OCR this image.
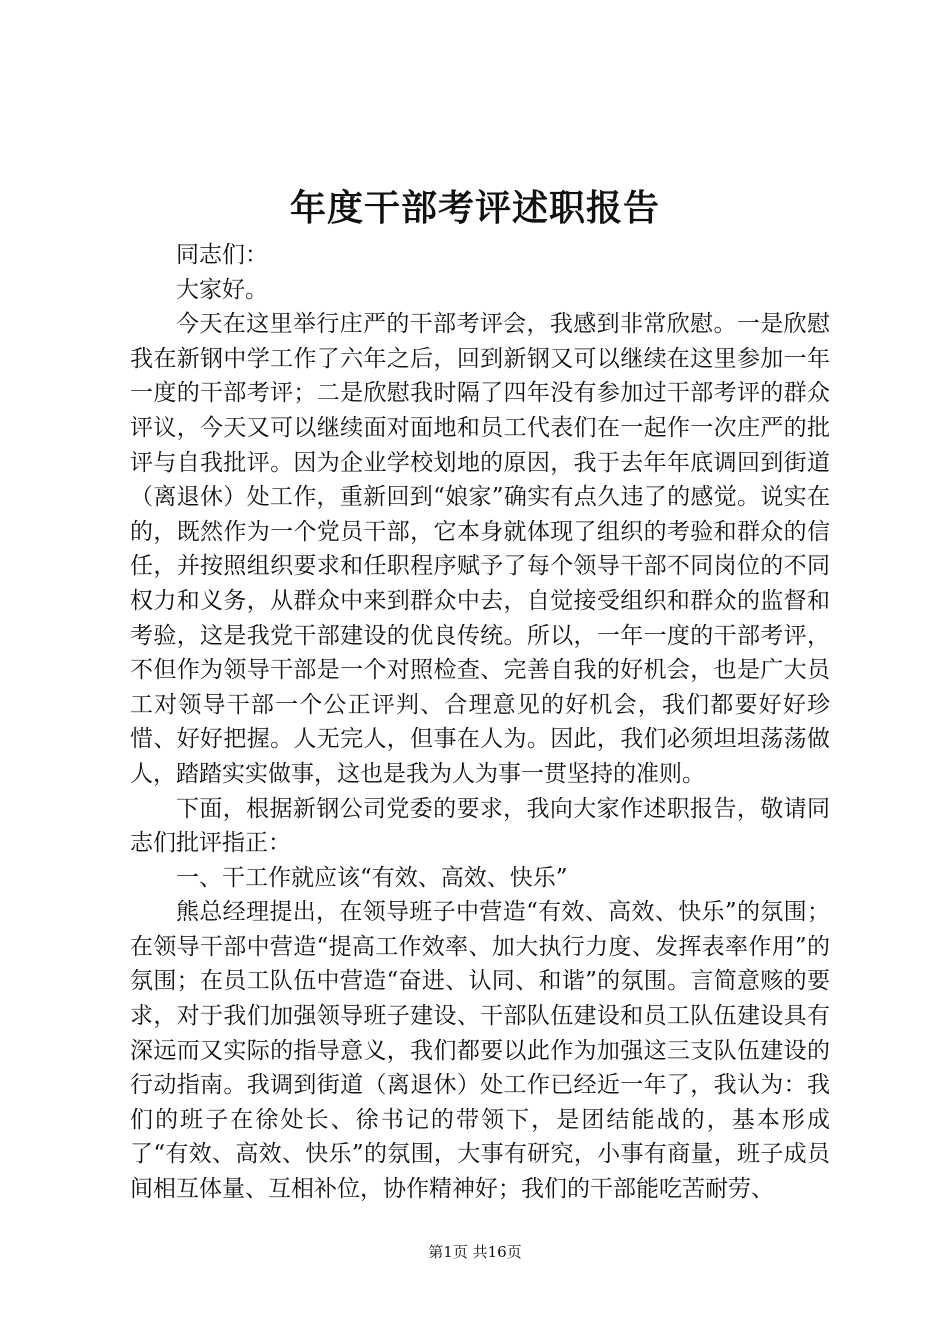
年度干部考评述职报告

同志们：

大家好。

今天在这里举行庄严的干部考评会，我感到非常欣慰。一是欣慰我在新钢中学工作了六年之后，回到新钢又可以继续在这里参加一年一度的干部考评；二是欣慰我时隔了四年没有参加过干部考评的群众评议，今天又可以继续面对面地和员工代表们在一起作一次庄严的批评与自我批评。因为企业学校划地的原因，我于去年年底调回到街道（离退休）处工作，重新回到“娘家”确实有点久违了的感觉。说实在的，既然作为一个党员干部，它本身就体现了组织的考验和群众的信任，并按照组织要求和任职程序赋予了每个领导干部不同岗位的不同权力和义务，从群众中来到群众中去，自觉接受组织和群众的监督和考验，这是我党干部建设的优良传统。所以，一年一度的干部考评，不但作为领导干部是一个对照检查、完善自我的好机会，也是广大员工对领导干部一个公正评判、合理意见的好机会，我们都要好好珍惜、好好把握。人无完人，但事在人为。因此，我们必须坦坦荡荡做人，踏踏实实做事，这也是我为人为事一贯坚持的准则。

下面，根据新钢公司党委的要求，我向大家作述职报告，敬请同志们批评指正：

一、干工作就应该“有效、高效、快乐”

熊总经理提出，在领导班子中营造“有效、高效、快乐”的氛围；在领导干部中营造“提高工作效率、加大执行力度、发挥表率作用”的氛围；在员工队伍中营造“奋进、认同、和谐”的氛围。言简意赅的要求，对于我们加强领导班子建设、干部队伍建设和员工队伍建设具有深远而又实际的指导意义，我们都要以此作为加强这三支队伍建设的行动指南。我调到街道（离退休）处工作已经近一年了，我认为：我们的班子在徐处长、徐书记的带领下，是团结能战的，基本形成了“有效、高效、快乐”的氛围，大事有研究，小事有商量，班子成员间相互体量、互相补位，协作精神好；我们的干部能吃苦耐劳、

第1页 共16页
